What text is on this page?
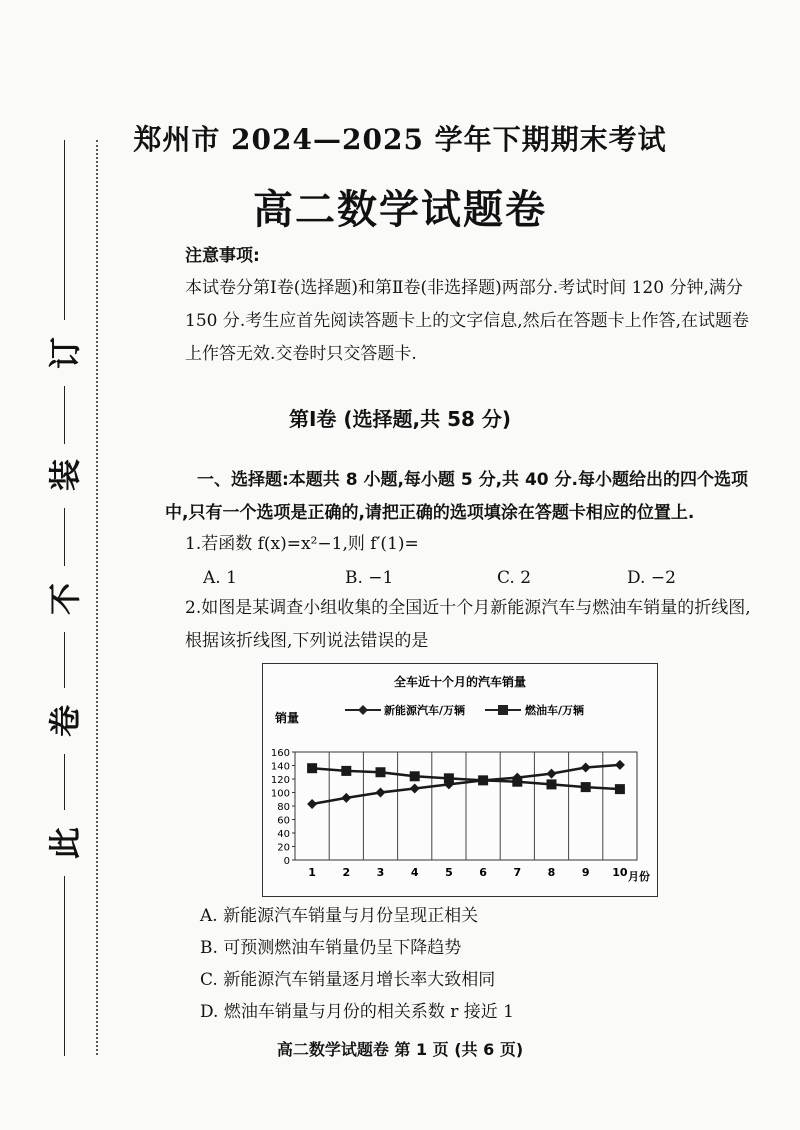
订
装
不
卷
此
郑州市 2024—2025 学年下期期末考试
高二数学试题卷
注意事项:
本试卷分第Ⅰ卷(选择题)和第Ⅱ卷(非选择题)两部分.考试时间 120 分钟,满分 150 分.考生应首先阅读答题卡上的文字信息,然后在答题卡上作答,在试题卷上作答无效.交卷时只交答题卡.
第Ⅰ卷 (选择题,共 58 分)
一、选择题:本题共 8 小题,每小题 5 分,共 40 分.每小题给出的四个选项中,只有一个选项是正确的,请把正确的选项填涂在答题卡相应的位置上.
1.若函数 f(x)=x²−1,则 f′(1)=
A. 1	B. −1	C. 2	D. −2
2.如图是某调查小组收集的全国近十个月新能源汽车与燃油车销量的折线图,根据该折线图,下列说法错误的是
全车近十个月的汽车销量
销量
新能源汽车/万辆	燃油车/万辆
0
20
40
60
80
100
120
140
160
1 2 3 4 5 6 7 8 9 10 月份
A. 新能源汽车销量与月份呈现正相关
B. 可预测燃油车销量仍呈下降趋势
C. 新能源汽车销量逐月增长率大致相同
D. 燃油车销量与月份的相关系数 r 接近 1
高二数学试题卷 第 1 页 (共 6 页)
